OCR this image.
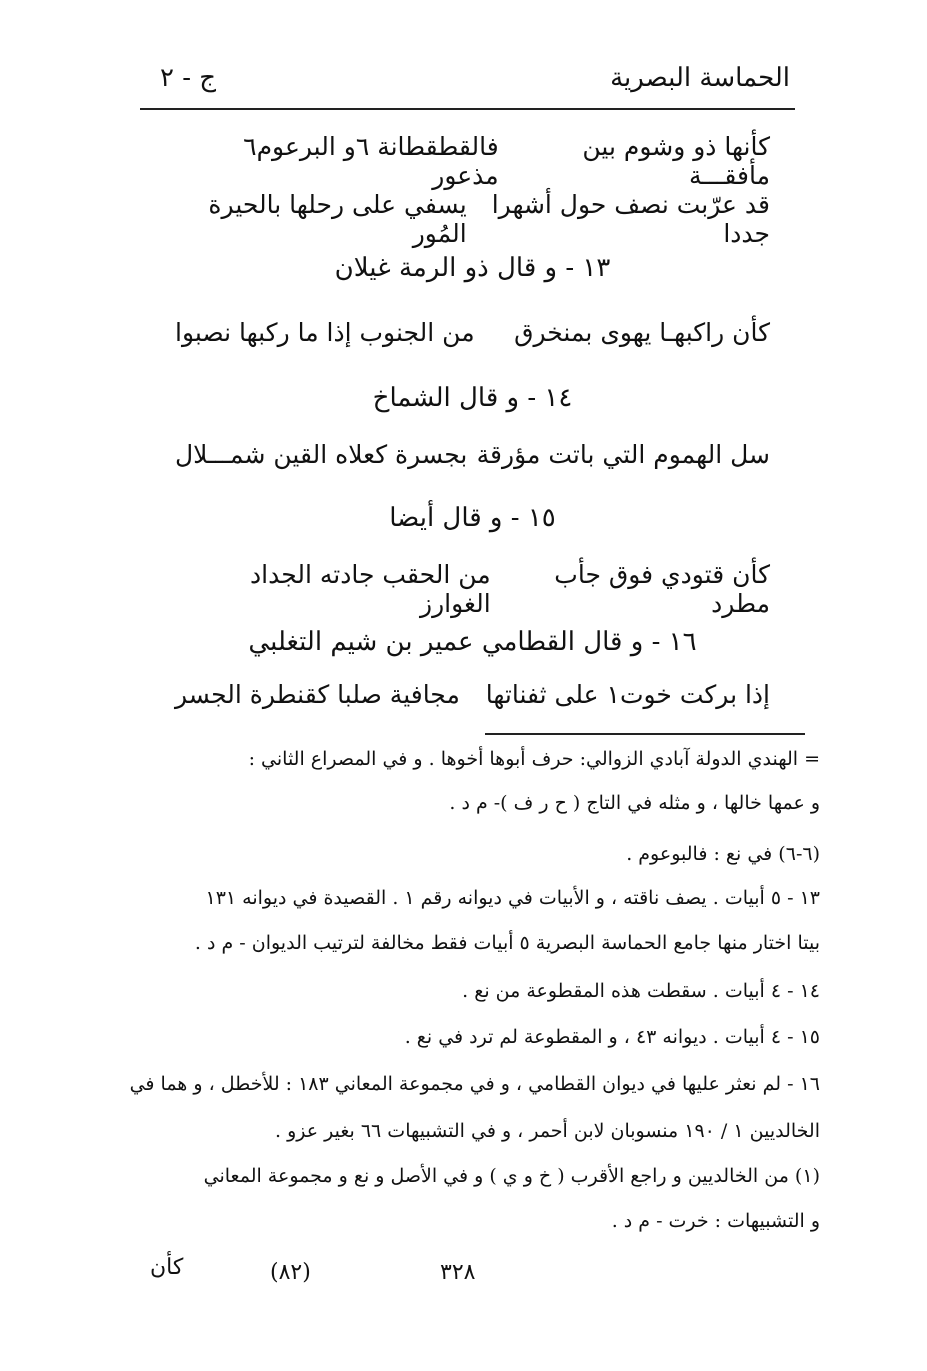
الحماسة البصرية
ج - ٢
كأنها ذو وشوم بين مأفقـــة
فالقطقطانة ٦و البرعوم٦ مذعور
قد عرّبت نصف حول أشهرا جددا
يسفي على رحلها بالحيرة المُور
١٣ - و قال ذو الرمة غيلان
كأن راكبهـا يهوى بمنخرق
من الجنوب إذا ما ركبها نصبوا
١٤ - و قال الشماخ
سل الهموم التي باتت مؤرقة
بجسرة كعلاه القين شمـــلال
١٥ - و قال أيضا
كأن قتودي فوق جأب مطرد
من الحقب جادته الجداد الغوارز
١٦ - و قال القطامي عمير بن شيم التغلبي
إذا بركت خوت١ على ثفناتها
مجافية صلبا كقنطرة الجسر
= الهندي الدولة آبادي الزوالي: حرف أبوها أخوها . و في المصراع الثاني :
و عمها خالها ، و مثله في التاج ( ح ر ف )- م د .
(٦-٦) في نع : فالبوعوم .
١٣ - ٥ أبيات . يصف ناقته ، و الأبيات في ديوانه رقم ١ . القصيدة في ديوانه ١٣١
بيتا اختار منها جامع الحماسة البصرية ٥ أبيات فقط مخالفة لترتيب الديوان - م د .
١٤ - ٤ أبيات . سقطت هذه المقطوعة من نع .
١٥ - ٤ أبيات . ديوانه ٤٣ ، و المقطوعة لم ترد في نع .
١٦ - لم نعثر عليها في ديوان القطامي ، و في مجموعة المعاني ١٨٣ : للأخطل ، و هما في
الخالديين ١ / ١٩٠ منسوبان لابن أحمر ، و في التشبيهات ٦٦ بغير عزو .
(١) من الخالديين و راجع الأقرب ( خ و ي ) و في الأصل و نع و مجموعة المعاني
و التشبيهات : خرت - م د .
كأن	(٨٢)	٣٢٨
